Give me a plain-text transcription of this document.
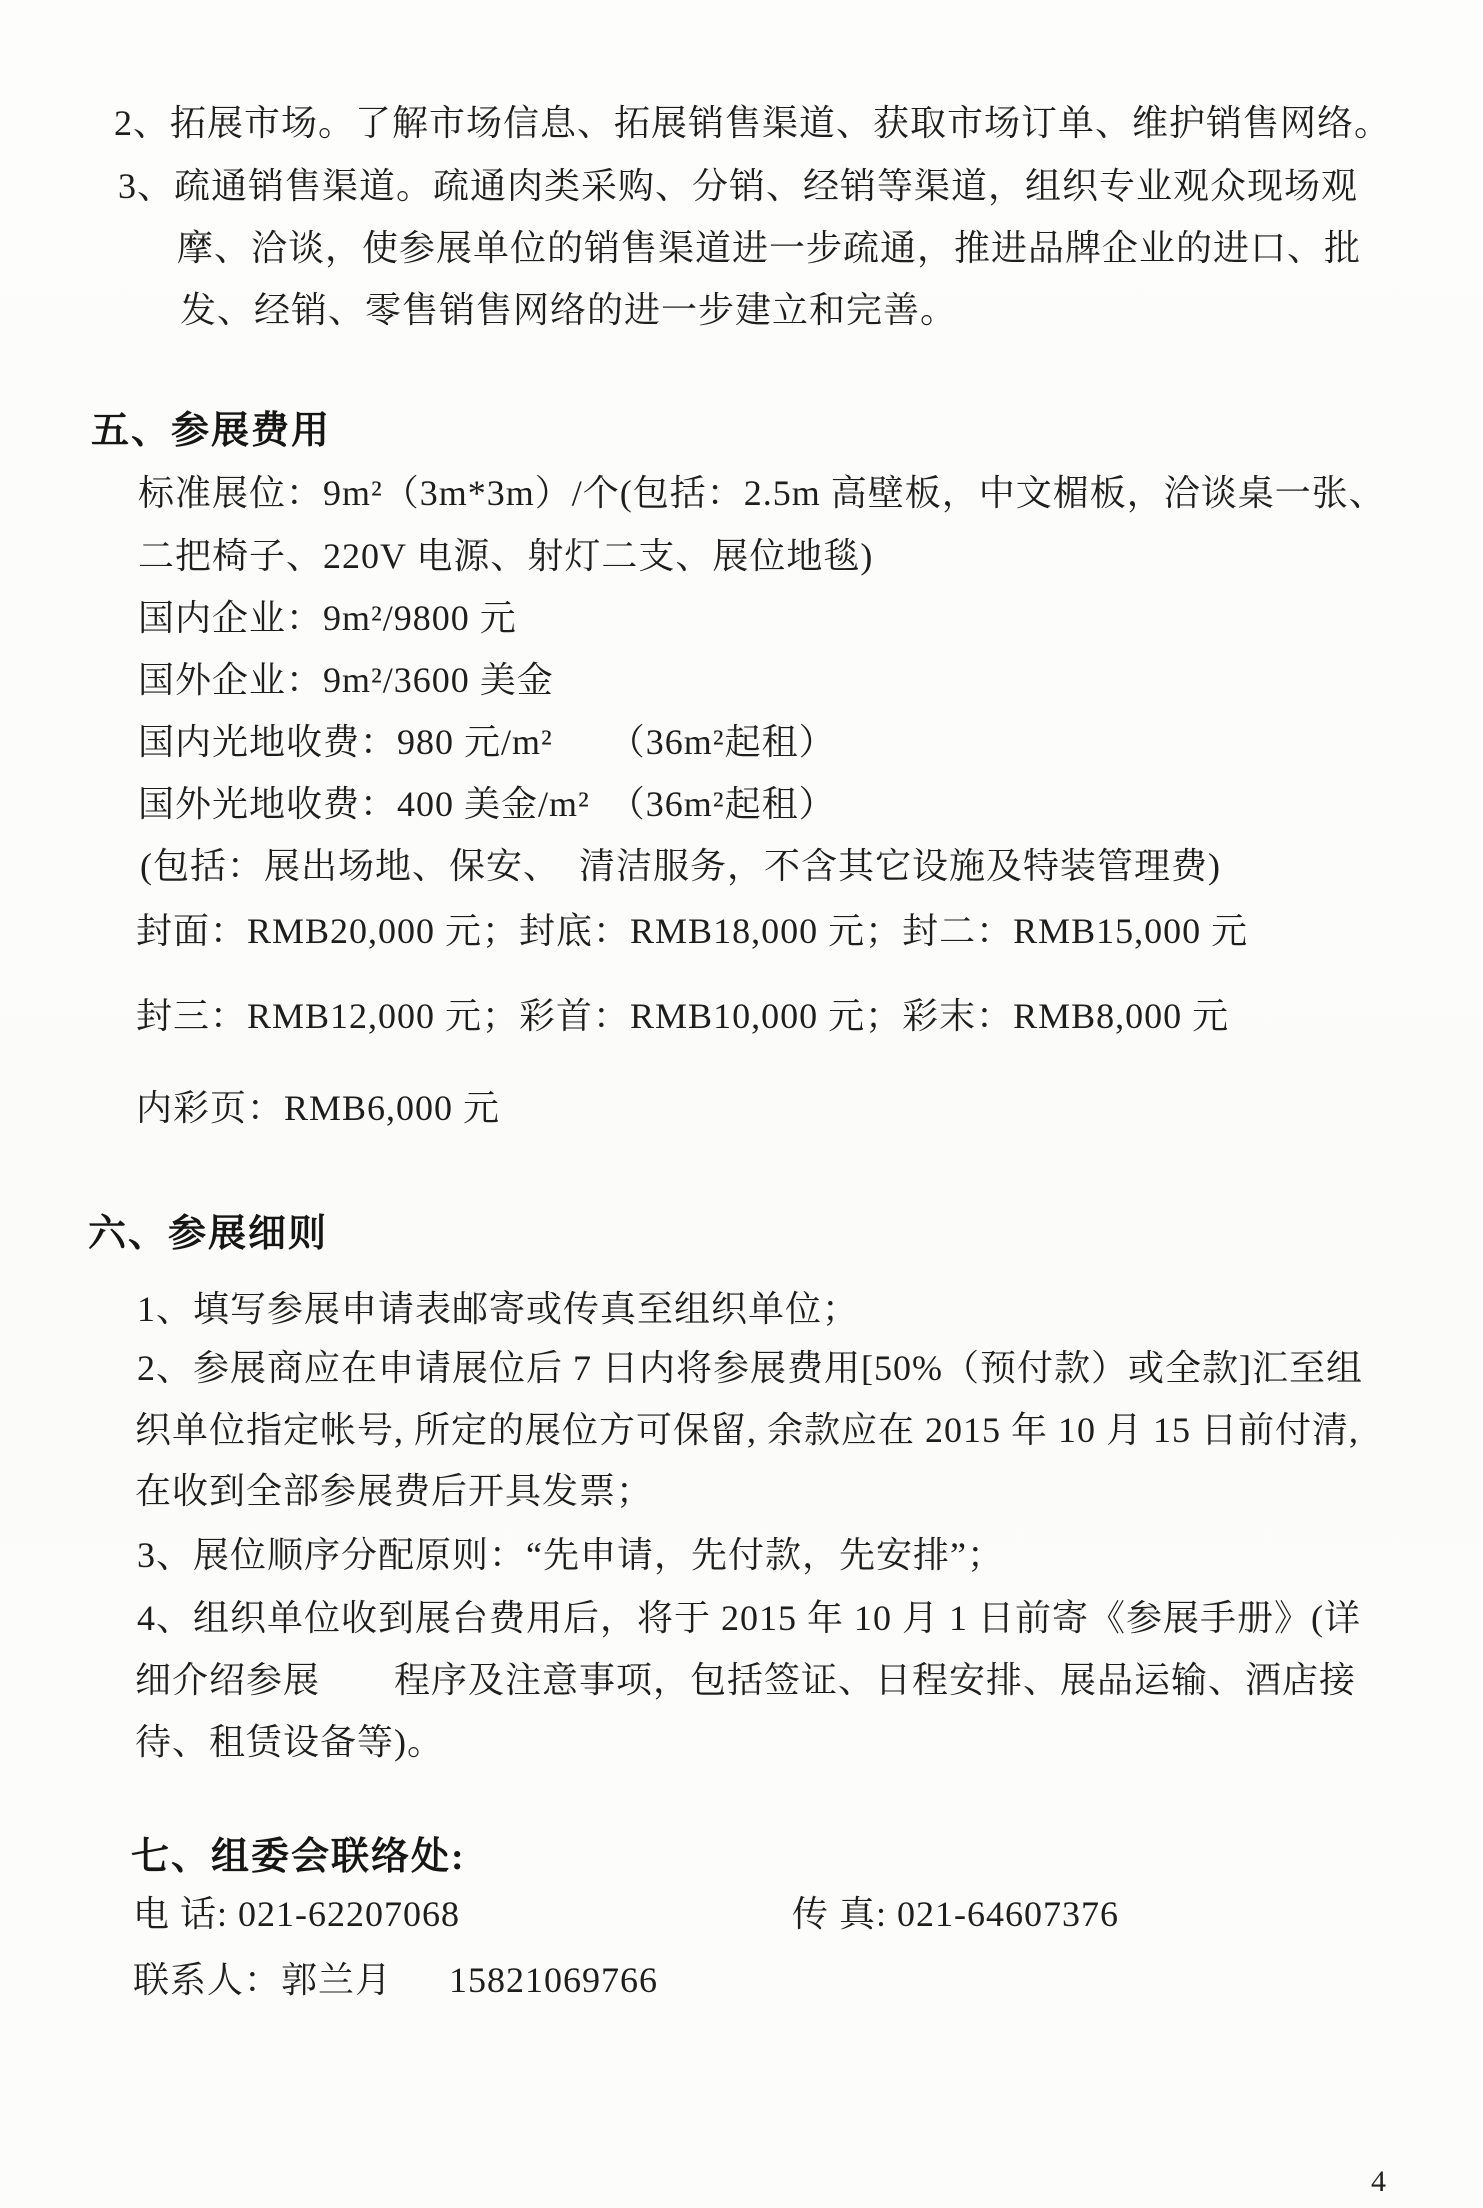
2、拓展市场。了解市场信息、拓展销售渠道、获取市场订单、维护销售网络。
3、疏通销售渠道。疏通肉类采购、分销、经销等渠道，组织专业观众现场观
摩、洽谈，使参展单位的销售渠道进一步疏通，推进品牌企业的进口、批
发、经销、零售销售网络的进一步建立和完善。
五、参展费用
标准展位：9m²（3m*3m）/个(包括：2.5m 高壁板，中文楣板，洽谈桌一张、
二把椅子、220V 电源、射灯二支、展位地毯)
国内企业：9m²/9800 元
国外企业：9m²/3600 美金
国内光地收费：980 元/m²　　（36m²起租）
国外光地收费：400 美金/m²　（36m²起租）
(包括：展出场地、保安、　清洁服务，不含其它设施及特装管理费)
封面：RMB20,000 元；封底：RMB18,000 元；封二：RMB15,000 元
封三：RMB12,000 元；彩首：RMB10,000 元；彩末：RMB8,000 元
内彩页：RMB6,000 元
六、参展细则
1、填写参展申请表邮寄或传真至组织单位；
2、参展商应在申请展位后 7 日内将参展费用[50%（预付款）或全款]汇至组
织单位指定帐号, 所定的展位方可保留, 余款应在 2015 年 10 月 15 日前付清,
在收到全部参展费后开具发票；
3、展位顺序分配原则：“先申请，先付款，先安排”；
4、组织单位收到展台费用后，将于 2015 年 10 月 1 日前寄《参展手册》(详
细介绍参展　　程序及注意事项，包括签证、日程安排、展品运输、酒店接
待、租赁设备等)。
七、组委会联络处:
电 话: 021-62207068	传 真: 021-64607376
联系人：郭兰月　  15821069766
4
